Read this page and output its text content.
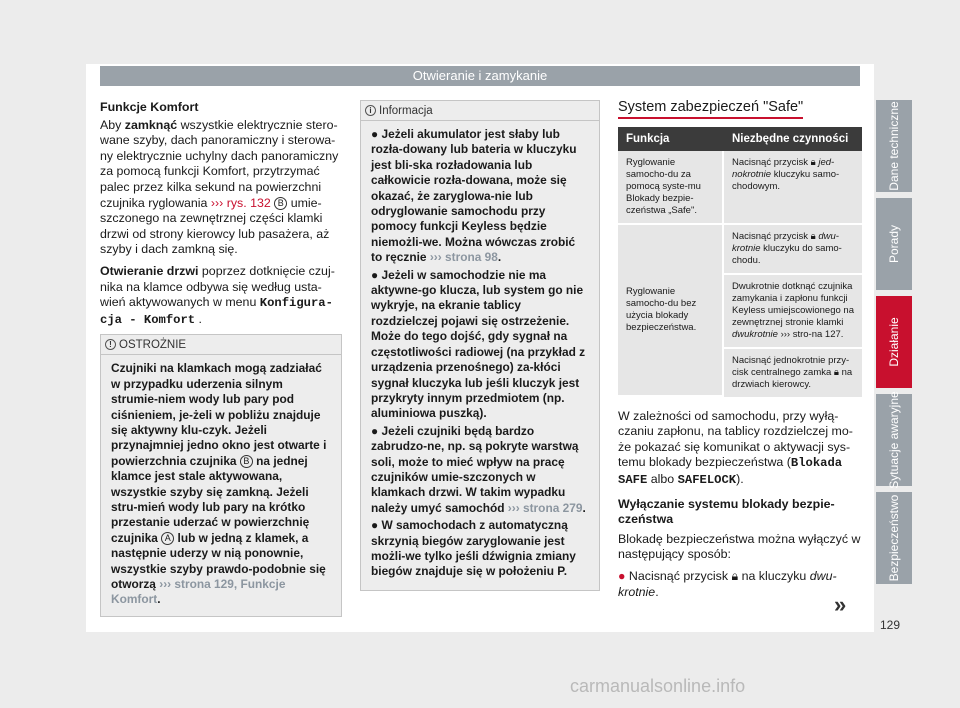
Otwieranie i zamykanie
Funkcje Komfort

Aby zamknąć wszystkie elektrycznie stero-wane szyby, dach panoramiczny i sterowa-ny elektrycznie uchylny dach panoramiczny za pomocą funkcji Komfort, przytrzymać palec przez kilka sekund na powierzchni czujnika ryglowania ››› rys. 132 B umie-szczonego na zewnętrznej części klamki drzwi od strony kierowcy lub pasażera, aż szyby i dach zamkną się.

Otwieranie drzwi poprzez dotknięcie czuj-nika na klamce odbywa się według usta-wień aktywowanych w menu Konfigura-cja - Komfort .

! OSTROŻNIE
Czujniki na klamkach mogą zadziałać w przypadku uderzenia silnym strumie-niem wody lub pary pod ciśnieniem, je-żeli w pobliżu znajduje się aktywny klu-czyk. Jeżeli przynajmniej jedno okno jest otwarte i powierzchnia czujnika B na jednej klamce jest stale aktywowana, wszystkie szyby się zamkną. Jeżeli stru-mień wody lub pary na krótko przestanie uderzać w powierzchnię czujnika A lub w jedną z klamek, a następnie uderzy w nią ponownie, wszystkie szyby prawdo-podobnie się otworzą ››› strona 129, Funkcje Komfort.
i Informacja
● Jeżeli akumulator jest słaby lub rozła-dowany lub bateria w kluczyku jest bli-ska rozładowania lub całkowicie rozła-dowana, może się okazać, że zaryglowa-nie lub odryglowanie samochodu przy pomocy funkcji Keyless będzie niemożli-we. Można wówczas zrobić to ręcznie ››› strona 98.
● Jeżeli w samochodzie nie ma aktywne-go klucza, lub system go nie wykryje, na ekranie tablicy rozdzielczej pojawi się ostrzeżenie. Może do tego dojść, gdy sygnał na częstotliwości radiowej (na przykład z urządzenia przenośnego) za-kłóci sygnał kluczyka lub jeśli kluczyk jest przykryty innym przedmiotem (np. aluminiowa puszką).
● Jeżeli czujniki będą bardzo zabrudzo-ne, np. są pokryte warstwą soli, może to mieć wpływ na pracę czujników umie-szczonych w klamkach drzwi. W takim wypadku należy umyć samochód ››› strona 279.
● W samochodach z automatyczną skrzynią biegów zaryglowanie jest możli-we tylko jeśli dźwignia zmiany biegów znajduje się w położeniu P.
System zabezpieczeń "Safe"
Funkcja	Niezbędne czynności
Ryglowanie samocho-du za pomocą syste-mu Blokady bezpie-czeństwa „Safe".	Nacisnąć przycisk 🔒︎ jed-nokrotnie kluczyku samo-chodowym.
Ryglowanie samocho-du bez użycia blokady bezpieczeństwa.	Nacisnąć przycisk 🔒︎ dwu-krotnie kluczyku do samo-chodu.
	Dwukrotnie dotknąć czujnika zamykania i zapłonu funkcji Keyless umiejscowionego na zewnętrznej stronie klamki dwukrotnie ››› stro-na 127.
	Nacisnąć jednokrotnie przy-cisk centralnego zamka 🔒︎ na drzwiach kierowcy.

W zależności od samochodu, przy wyłą-czaniu zapłonu, na tablicy rozdzielczej mo-że pokazać się komunikat o aktywacji sys-temu blokady bezpieczeństwa (Blokada SAFE albo SAFELOCK).

Wyłączanie systemu blokady bezpie-czeństwa

Blokadę bezpieczeństwa można wyłączyć w następujący sposób:

● Nacisnąć przycisk 🔒︎ na kluczyku dwu-krotnie.

»
129
Dane techniczne
Porady
Działanie
Sytuacje awaryjne
Bezpieczeństwo
carmanualsonline.info
